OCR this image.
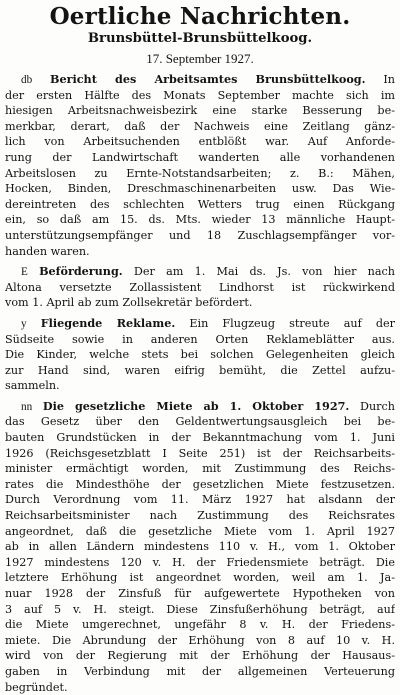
Oertliche Nachrichten.
Brunsbüttel-Brunsbüttelkoog.
17. September 1927.
db Bericht des Arbeitsamtes Brunsbüttelkoog. In
der ersten Hälfte des Monats September machte sich im
hiesigen Arbeitsnachweisbezirk eine starke Besserung be-
merkbar, derart, daß der Nachweis eine Zeitlang gänz-
lich von Arbeitsuchenden entblößt war. Auf Anforde-
rung der Landwirtschaft wanderten alle vorhandenen
Arbeitslosen zu Ernte-Notstandsarbeiten; z. B.: Mähen,
Hocken, Binden, Dreschmaschinenarbeiten usw. Das Wie-
dereintreten des schlechten Wetters trug einen Rückgang
ein, so daß am 15. ds. Mts. wieder 13 männliche Haupt-
unterstützungsempfänger und 18 Zuschlagsempfänger vor-
handen waren.
E Beförderung. Der am 1. Mai ds. Js. von hier nach
Altona versetzte Zollassistent Lindhorst ist rückwirkend
vom 1. April ab zum Zollsekretär befördert.
y Fliegende Reklame. Ein Flugzeug streute auf der
Südseite sowie in anderen Orten Reklameblätter aus.
Die Kinder, welche stets bei solchen Gelegenheiten gleich
zur Hand sind, waren eifrig bemüht, die Zettel aufzu-
sammeln.
nn Die gesetzliche Miete ab 1. Oktober 1927. Durch
das Gesetz über den Geldentwertungsausgleich bei be-
bauten Grundstücken in der Bekanntmachung vom 1. Juni
1926 (Reichsgesetzblatt I Seite 251) ist der Reichsarbeits-
minister ermächtigt worden, mit Zustimmung des Reichs-
rates die Mindesthöhe der gesetzlichen Miete festzusetzen.
Durch Verordnung vom 11. März 1927 hat alsdann der
Reichsarbeitsminister nach Zustimmung des Reichsrates
angeordnet, daß die gesetzliche Miete vom 1. April 1927
ab in allen Ländern mindestens 110 v. H., vom 1. Oktober
1927 mindestens 120 v. H. der Friedensmiete beträgt. Die
letztere Erhöhung ist angeordnet worden, weil am 1. Ja-
nuar 1928 der Zinsfuß für aufgewertete Hypotheken von
3 auf 5 v. H. steigt. Diese Zinsfußerhöhung beträgt, auf
die Miete umgerechnet, ungefähr 8 v. H. der Friedens-
miete. Die Abrundung der Erhöhung von 8 auf 10 v. H.
wird von der Regierung mit der Erhöhung der Hausaus-
gaben in Verbindung mit der allgemeinen Verteuerung
begründet.
